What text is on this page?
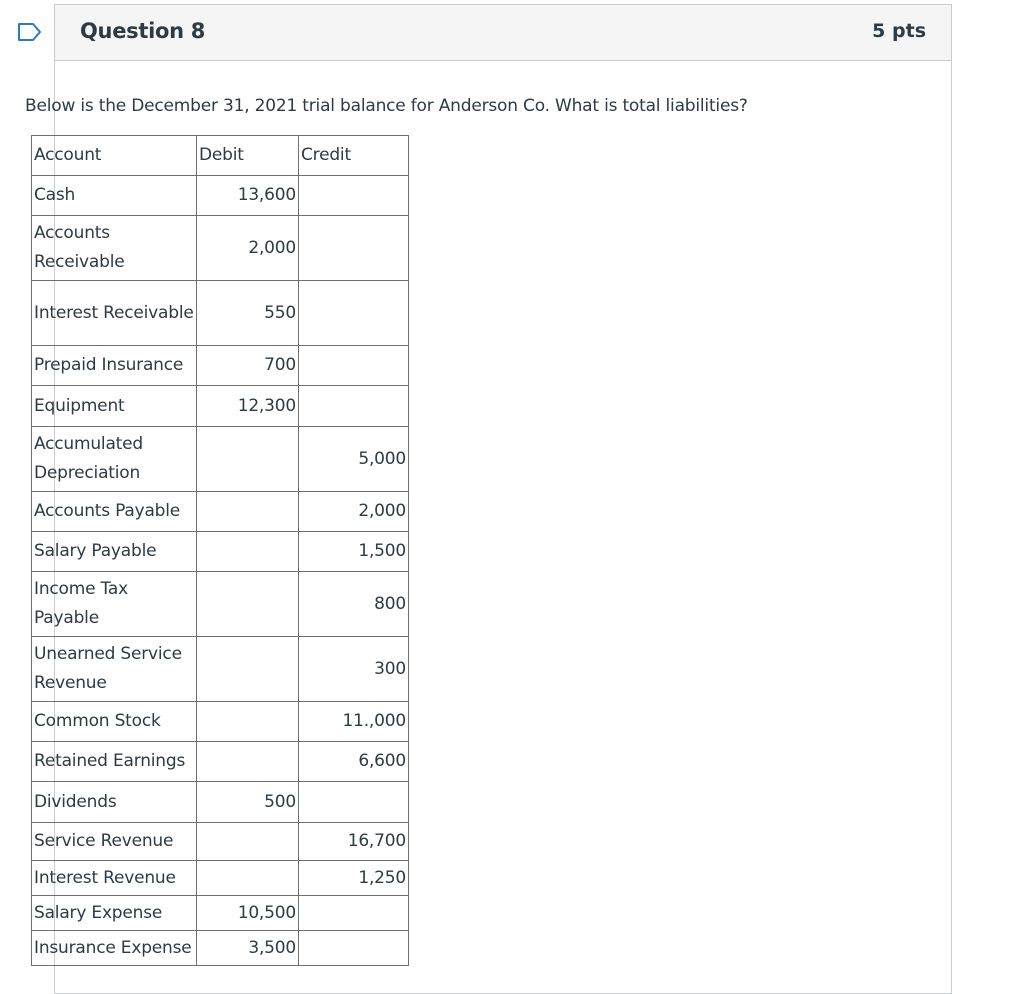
Question 8	5 pts
Below is the December 31, 2021 trial balance for Anderson Co. What is total liabilities?
Account	Debit	Credit
Cash	13,600	
Accounts Receivable	2,000	
Interest Receivable	550	
Prepaid Insurance	700	
Equipment	12,300	
Accumulated Depreciation		5,000
Accounts Payable		2,000
Salary Payable		1,500
Income Tax Payable		800
Unearned Service Revenue		300
Common Stock		11.,000
Retained Earnings		6,600
Dividends	500	
Service Revenue		16,700
Interest Revenue		1,250
Salary Expense	10,500	
Insurance Expense	3,500	
